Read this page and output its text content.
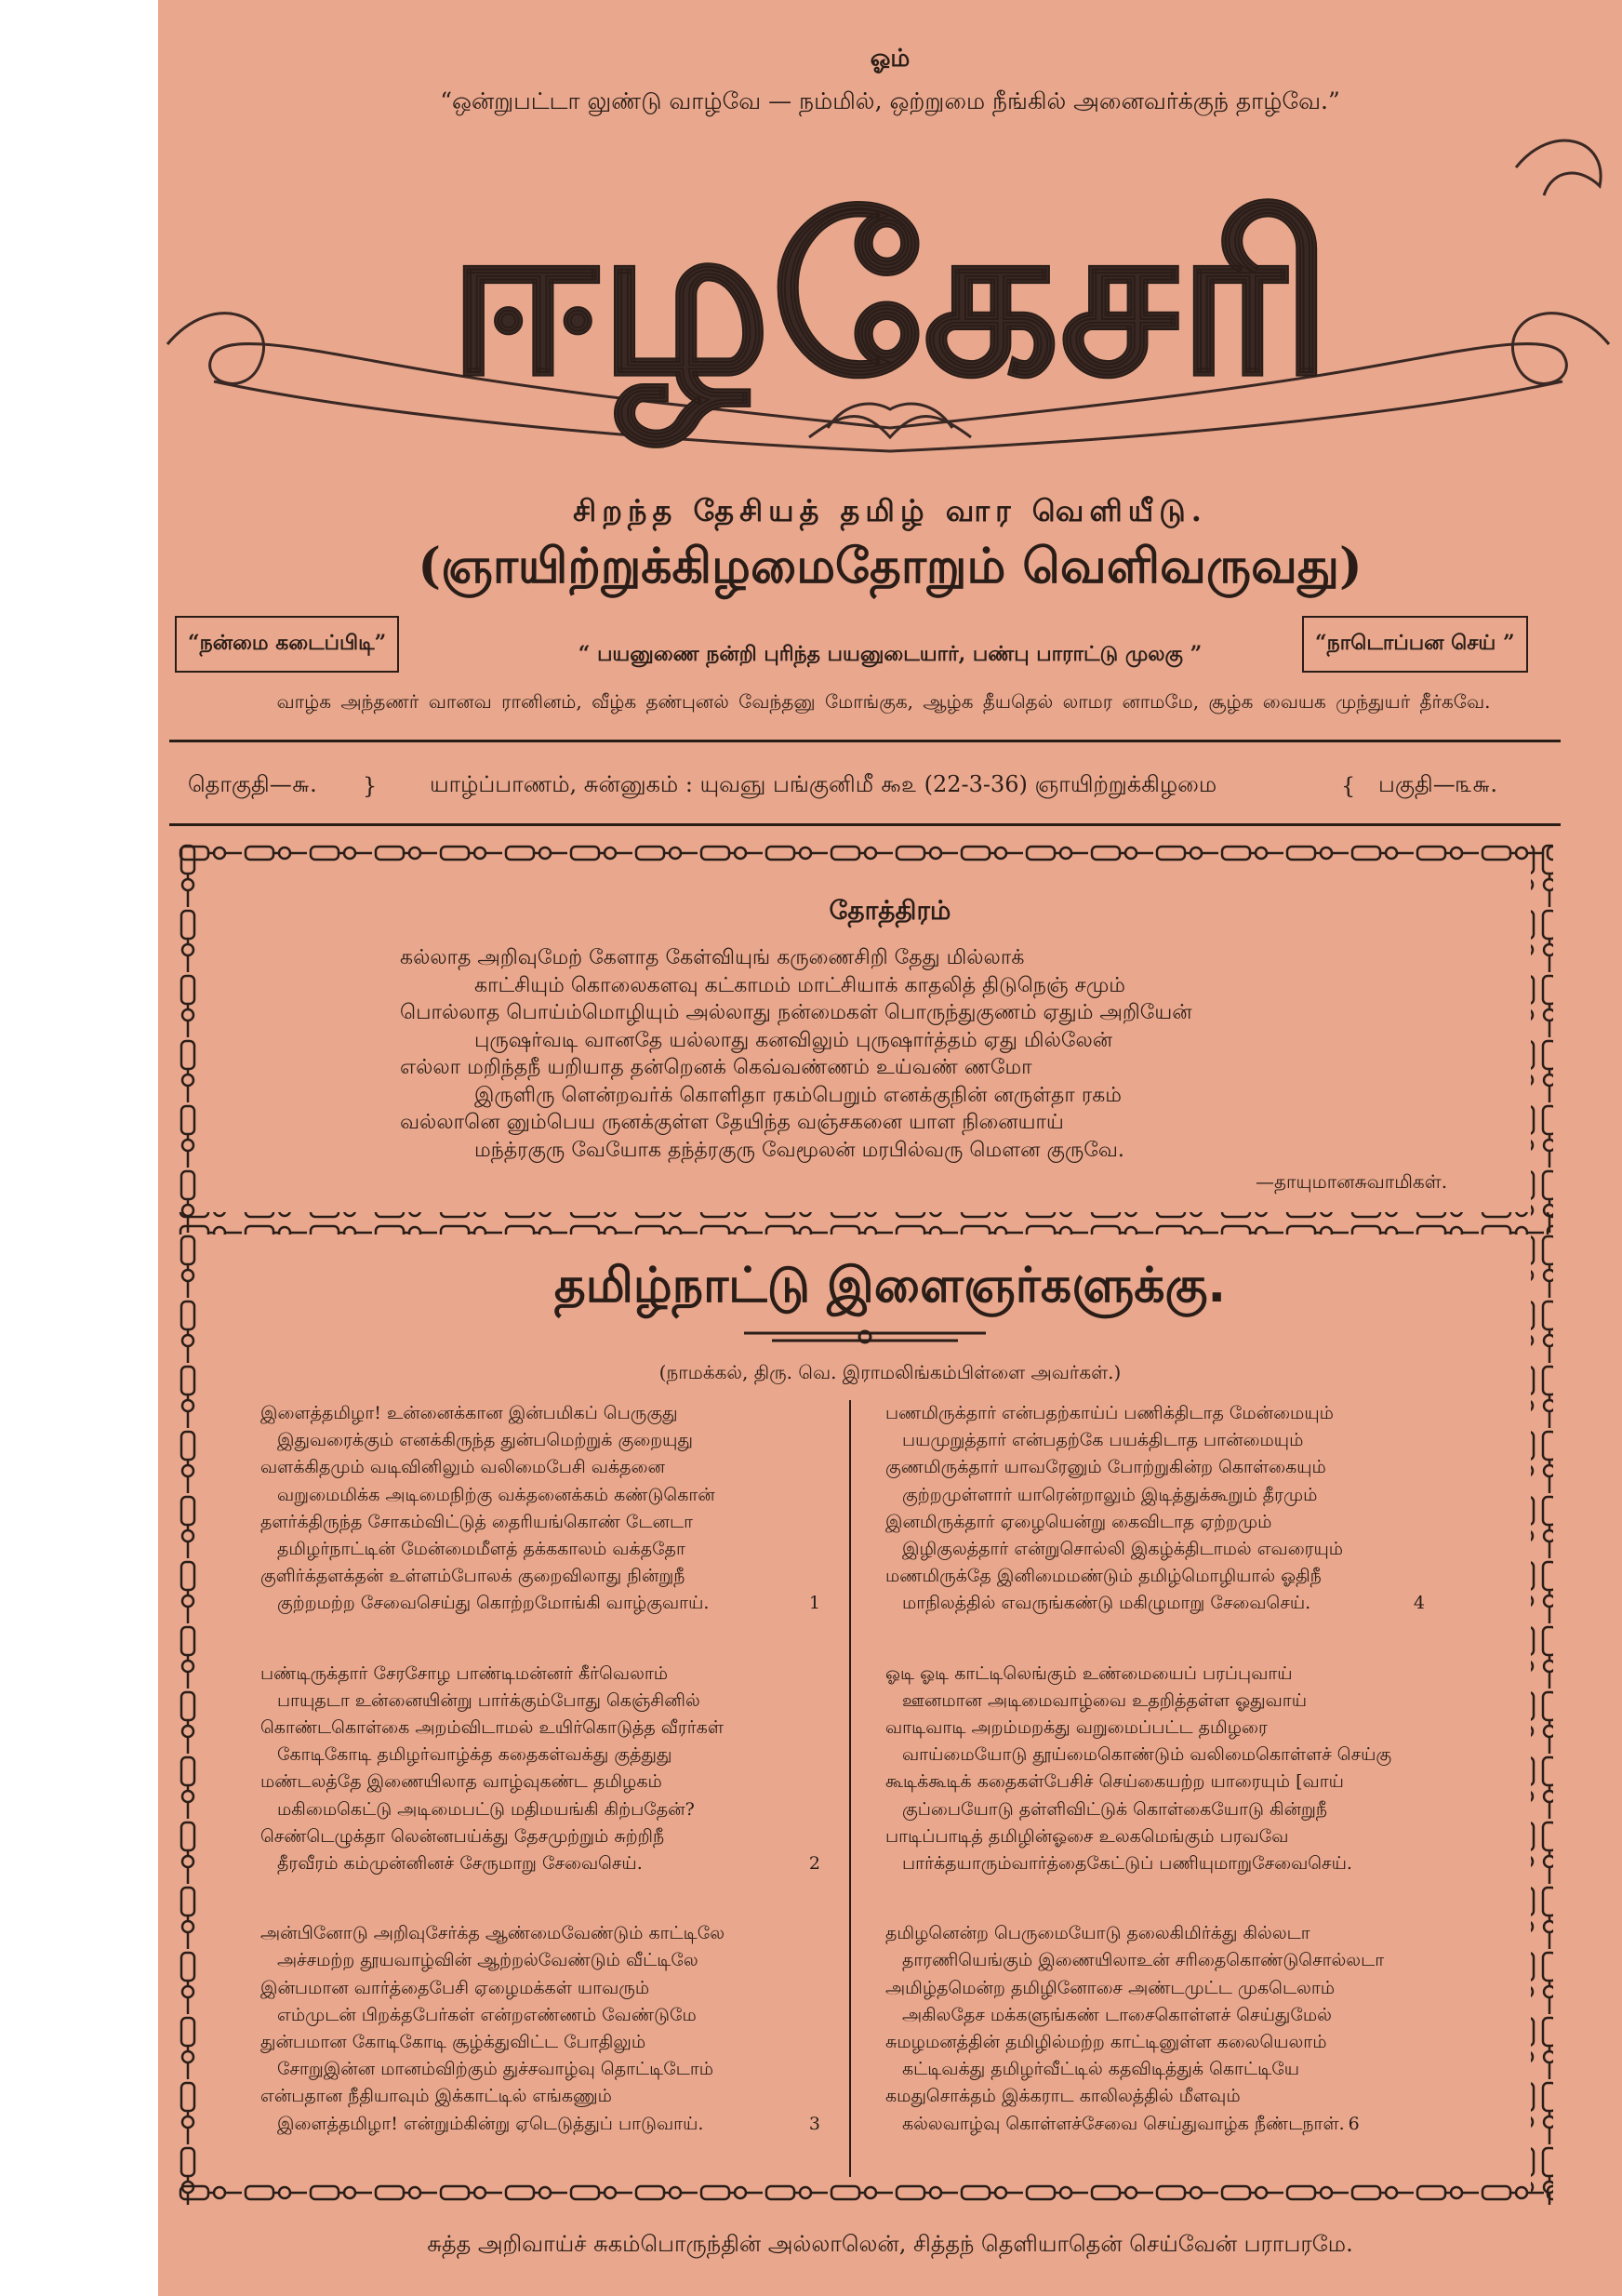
ஓம்
“ஒன்றுபட்டா லுண்டு வாழ்வே — நம்மில், ஒற்றுமை நீங்கில் அனைவர்க்குந் தாழ்வே.”
ஈழகேசரி
சிறந்த தேசியத் தமிழ் வார வெளியீடு.
(ஞாயிற்றுக்கிழமைதோறும் வெளிவருவது)
“நன்மை கடைப்பிடி”	“ பயனுணை நன்றி புரிந்த பயனுடையார், பண்பு பாராட்டு முலகு ”	“நாடொப்பன செய் ”
வாழ்க அந்தணர் வானவ ரானினம், வீழ்க தண்புனல் வேந்தனு மோங்குக, ஆழ்க தீயதெல் லாமர னாமமே, சூழ்க வையக முந்துயர் தீர்கவே.
தொகுதி—௬. } யாழ்ப்பாணம், சுன்னுகம் : யுவஞு பங்குனிமீ ௯௨ (22-3-36) ஞாயிற்றுக்கிழமை	{ பகுதி—௩௬.
தோத்திரம்
கல்லாத அறிவுமேற் கேளாத கேள்வியுங் கருணைசிறி தேது மில்லாக்
காட்சியும் கொலைகளவு கட்காமம் மாட்சியாக் காதலித் திடுநெஞ் சமும்
பொல்லாத பொய்ம்மொழியும் அல்லாது நன்மைகள் பொருந்துகுணம் ஏதும் அறியேன்
புருஷர்வடி வானதே யல்லாது கனவிலும் புருஷார்த்தம் ஏது மில்லேன்
எல்லா மறிந்தநீ யறியாத தன்றெனக் கெவ்வண்ணம் உய்வண் ணமோ
இருளிரு ளென்றவர்க் கொளிதா ரகம்பெறும் எனக்குநின் னருள்தா ரகம்
வல்லானெ னும்பெய ருனக்குள்ள தேயிந்த வஞ்சகனை யாள நினையாய்
மந்த்ரகுரு வேயோக தந்த்ரகுரு வேமூலன் மரபில்வரு மௌன குருவே.
—தாயுமானசுவாமிகள்.
தமிழ்நாட்டு இளைஞர்களுக்கு.
(நாமக்கல், திரு. வெ. இராமலிங்கம்பிள்ளை அவர்கள்.)
இளைத்தமிழா! உன்னைக்கான இன்பமிகப் பெருகுது
இதுவரைக்கும் எனக்கிருந்த துன்பமெற்றுக் குறையுது
வளக்கிதமும் வடிவினிலும் வலிமைபேசி வக்தனை
வறுமைமிக்க அடிமைநிற்கு வக்தனைக்கம் கண்டுகொன்
தளர்க்திருந்த சோகம்விட்டுத் தைரியங்கொண் டேனடா
தமிழர்நாட்டின் மேன்மைமீளத் தக்ககாலம் வக்ததோ
குளிர்க்தளக்தன் உள்ளம்போலக் குறைவிலாது நின்றுநீ
குற்றமற்ற சேவைசெய்து கொற்றமோங்கி வாழ்குவாய்.	1
பண்டிருக்தார் சேரசோழ பாண்டிமன்னர் கீர்வெலாம்
பாயுதடா உன்னையின்று பார்க்கும்போது கெஞ்சினில்
கொண்டகொள்கை அறம்விடாமல் உயிர்கொடுத்த வீரர்கள்
கோடிகோடி தமிழர்வாழ்க்த கதைகள்வக்து குத்துது
மண்டலத்தே இணையிலாத வாழ்வுகண்ட தமிழகம்
மகிமைகெட்டு அடிமைபட்டு மதிமயங்கி கிற்பதேன்?
செண்டெழுக்தா லென்னபய்க்து தேசமுற்றும் சுற்றிநீ
தீரவீரம் கம்முன்னினச் சேருமாறு சேவைசெய்.	2
அன்பினோடு அறிவுசேர்க்த ஆண்மைவேண்டும் காட்டிலே
அச்சமற்ற தூயவாழ்வின் ஆற்றல்வேண்டும் வீட்டிலே
இன்பமான வார்த்தைபேசி ஏழைமக்கள் யாவரும்
எம்முடன் பிறக்தபேர்கள் என்றஎண்ணம் வேண்டுமே
துன்பமான கோடிகோடி சூழ்க்துவிட்ட போதிலும்
சோறுஇன்ன மானம்விற்கும் துச்சவாழ்வு தொட்டிடோம்
என்பதான நீதியாவும் இக்காட்டில் எங்கணும்
இளைத்தமிழா! என்றும்கின்று ஏடெடுத்துப் பாடுவாய்.	3
பணமிருக்தார் என்பதற்காய்ப் பணிக்திடாத மேன்மையும்
பயமுறுத்தார் என்பதற்கே பயக்திடாத பான்மையும்
குணமிருக்தார் யாவரேனும் போற்றுகின்ற கொள்கையும்
குற்றமுள்ளார் யாரென்றாலும் இடித்துக்கூறும் தீரமும்
இனமிருக்தார் ஏழையென்று கைவிடாத ஏற்றமும்
இழிகுலத்தார் என்றுசொல்லி இகழ்க்திடாமல் எவரையும்
மணமிருக்தே இனிமைமண்டும் தமிழ்மொழியால் ஓதிநீ
மாநிலத்தில் எவருங்கண்டு மகிழுமாறு சேவைசெய்.	4
ஓடி ஓடி காட்டிலெங்கும் உண்மையைப் பரப்புவாய்
ஊனமான அடிமைவாழ்வை உதறித்தள்ள ஓதுவாய்
வாடிவாடி அறம்மறக்து வறுமைப்பட்ட தமிழரை
வாய்மையோடு தூய்மைகொண்டும் வலிமைகொள்ளச் செய்கு
கூடிக்கூடிக் கதைகள்பேசிச் செய்கையற்ற யாரையும் [வாய்
குப்பையோடு தள்ளிவிட்டுக் கொள்கையோடு கின்றுநீ
பாடிப்பாடித் தமிழின்ஓசை உலகமெங்கும் பரவவே
பார்க்தயாரும்வார்த்தைகேட்டுப் பணியுமாறுசேவைசெய்.
தமிழனென்ற பெருமையோடு தலைகிமிர்க்து கில்லடா
தாரணியெங்கும் இணையிலாஉன் சரிதைகொண்டுசொல்லடா
அமிழ்தமென்ற தமிழினோசை அண்டமுட்ட முகடெலாம்
அகிலதேச மக்களுங்கண் டாசைகொள்ளச் செய்துமேல்
சுமழமனத்தின் தமிழில்மற்ற காட்டினுள்ள கலையெலாம்
கட்டிவக்து தமிழர்வீட்டில் கதவிடித்துக் கொட்டியே
கமதுசொக்தம் இக்கராட காலிலத்தில் மீளவும்
கல்லவாழ்வு கொள்ளச்சேவை செய்துவாழ்க நீண்டநாள். 6
சுத்த அறிவாய்ச் சுகம்பொருந்தின் அல்லாலென், சித்தந் தெளியாதென் செய்வேன் பராபரமே.
